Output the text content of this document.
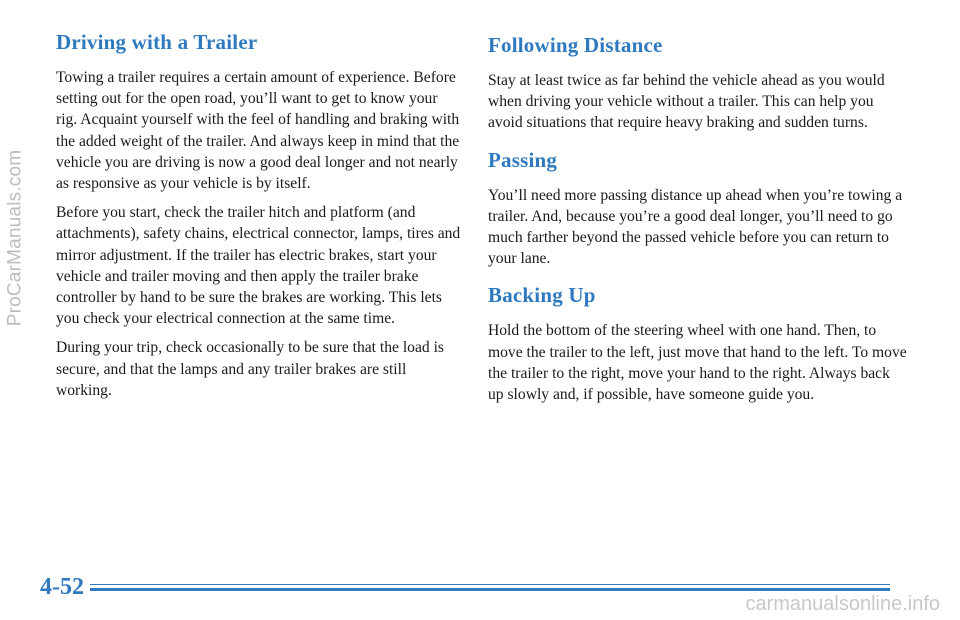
ProCarManuals.com
Driving with a Trailer

Towing a trailer requires a certain amount of experience. Before setting out for the open road, you’ll want to get to know your rig. Acquaint yourself with the feel of handling and braking with the added weight of the trailer. And always keep in mind that the vehicle you are driving is now a good deal longer and not nearly as responsive as your vehicle is by itself.

Before you start, check the trailer hitch and platform (and attachments), safety chains, electrical connector, lamps, tires and mirror adjustment. If the trailer has electric brakes, start your vehicle and trailer moving and then apply the trailer brake controller by hand to be sure the brakes are working. This lets you check your electrical connection at the same time.

During your trip, check occasionally to be sure that the load is secure, and that the lamps and any trailer brakes are still working.

Following Distance

Stay at least twice as far behind the vehicle ahead as you would when driving your vehicle without a trailer. This can help you avoid situations that require heavy braking and sudden turns.

Passing

You’ll need more passing distance up ahead when you’re towing a trailer. And, because you’re a good deal longer, you’ll need to go much farther beyond the passed vehicle before you can return to your lane.

Backing Up

Hold the bottom of the steering wheel with one hand. Then, to move the trailer to the left, just move that hand to the left. To move the trailer to the right, move your hand to the right. Always back up slowly and, if possible, have someone guide you.

4-52
carmanualsonline.info
